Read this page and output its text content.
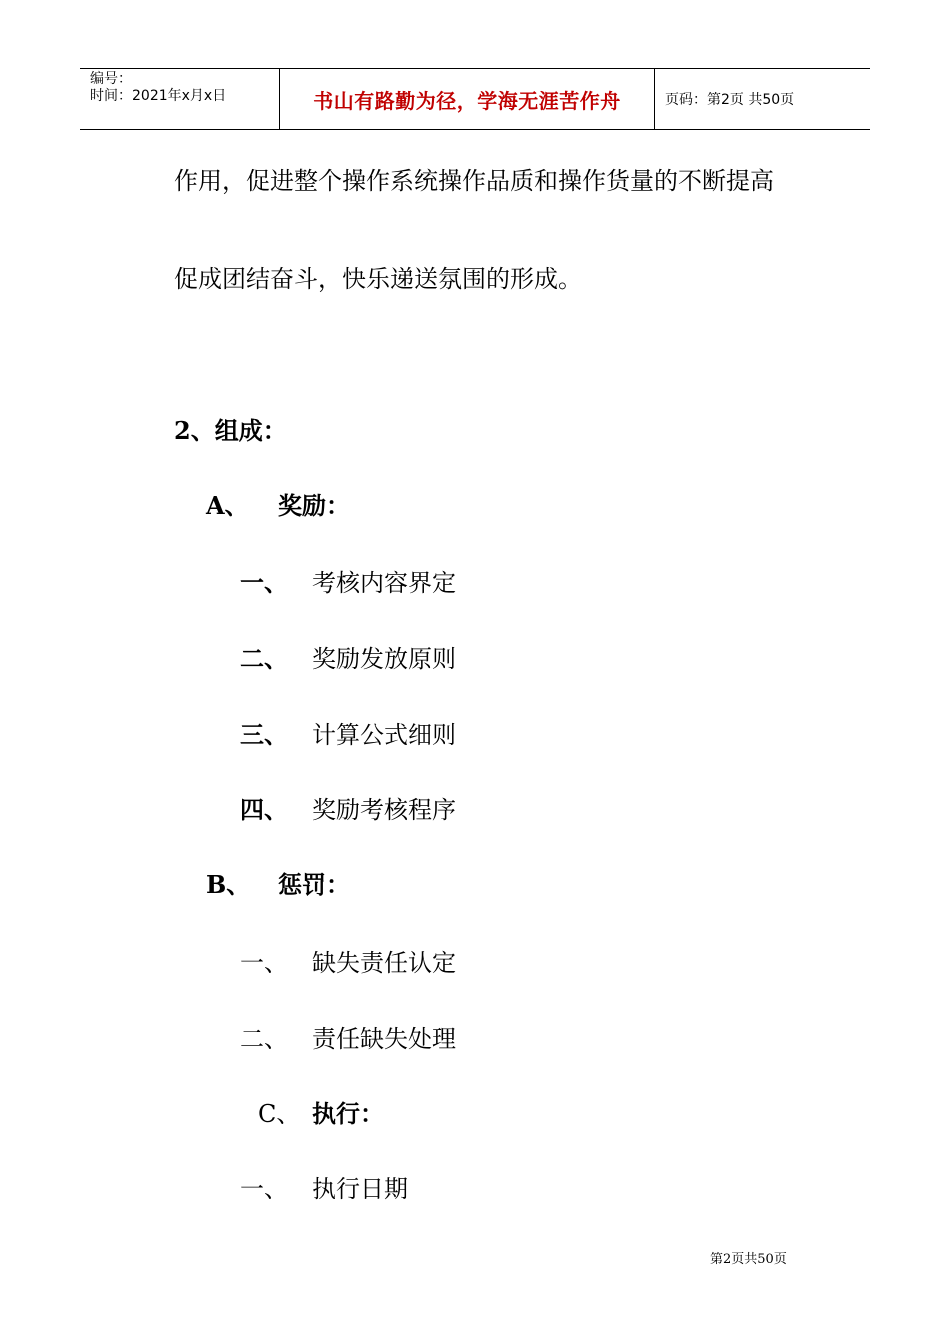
编号：
时间：2021年x月x日	书山有路勤为径，学海无涯苦作舟	页码：第2页 共50页
作用，促进整个操作系统操作品质和操作货量的不断提高
促成团结奋斗，快乐递送氛围的形成。
2、组成：
A、 奖励：
一、 考核内容界定
二、 奖励发放原则
三、 计算公式细则
四、 奖励考核程序
B、 惩罚：
一、 缺失责任认定
二、 责任缺失处理
C、 执行：
一、 执行日期
第2页共50页
